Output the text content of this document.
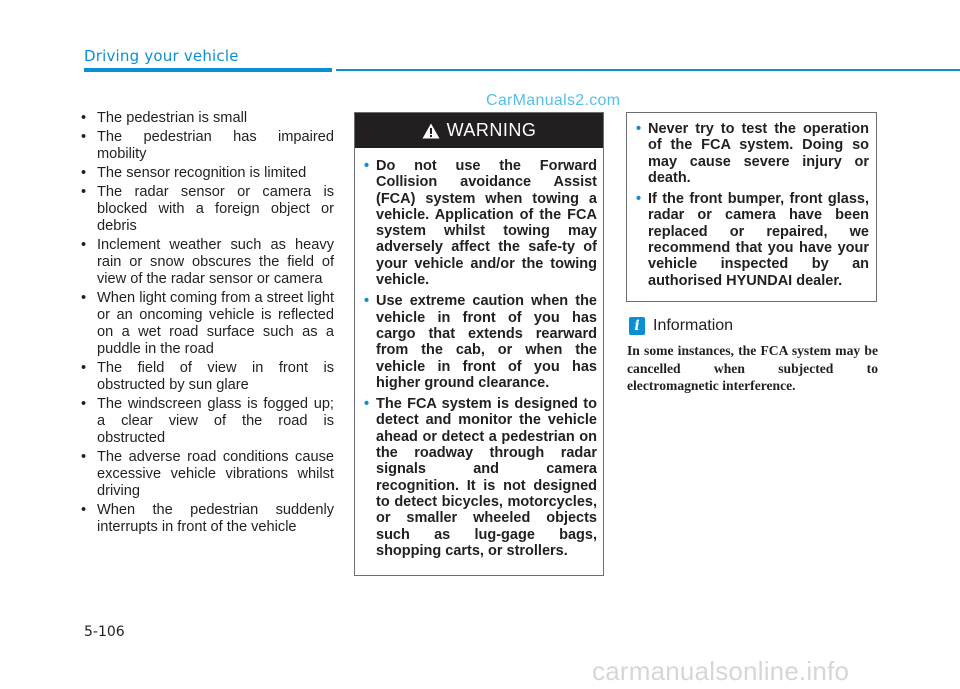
Driving your vehicle
CarManuals2.com
• The pedestrian is small
• The pedestrian has impaired mobility
• The sensor recognition is limited
• The radar sensor or camera is blocked with a foreign object or debris
• Inclement weather such as heavy rain or snow obscures the field of view of the radar sensor or camera
• When light coming from a street light or an oncoming vehicle is reflected on a wet road surface such as a puddle in the road
• The field of view in front is obstructed by sun glare
• The windscreen glass is fogged up; a clear view of the road is obstructed
• The adverse road conditions cause excessive vehicle vibrations whilst driving
• When the pedestrian suddenly interrupts in front of the vehicle
WARNING
• Do not use the Forward Collision avoidance Assist (FCA) system when towing a vehicle. Application of the FCA system whilst towing may adversely affect the safe-ty of your vehicle and/or the towing vehicle.
• Use extreme caution when the vehicle in front of you has cargo that extends rearward from the cab, or when the vehicle in front of you has higher ground clearance.
• The FCA system is designed to detect and monitor the vehicle ahead or detect a pedestrian on the roadway through radar signals and camera recognition. It is not designed to detect bicycles, motorcycles, or smaller wheeled objects such as lug-gage bags, shopping carts, or strollers.
• Never try to test the operation of the FCA system. Doing so may cause severe injury or death.
• If the front bumper, front glass, radar or camera have been replaced or repaired, we recommend that you have your vehicle inspected by an authorised HYUNDAI dealer.
i Information

In some instances, the FCA system may be cancelled when subjected to electromagnetic interference.

5-106
carmanualsonline.info
